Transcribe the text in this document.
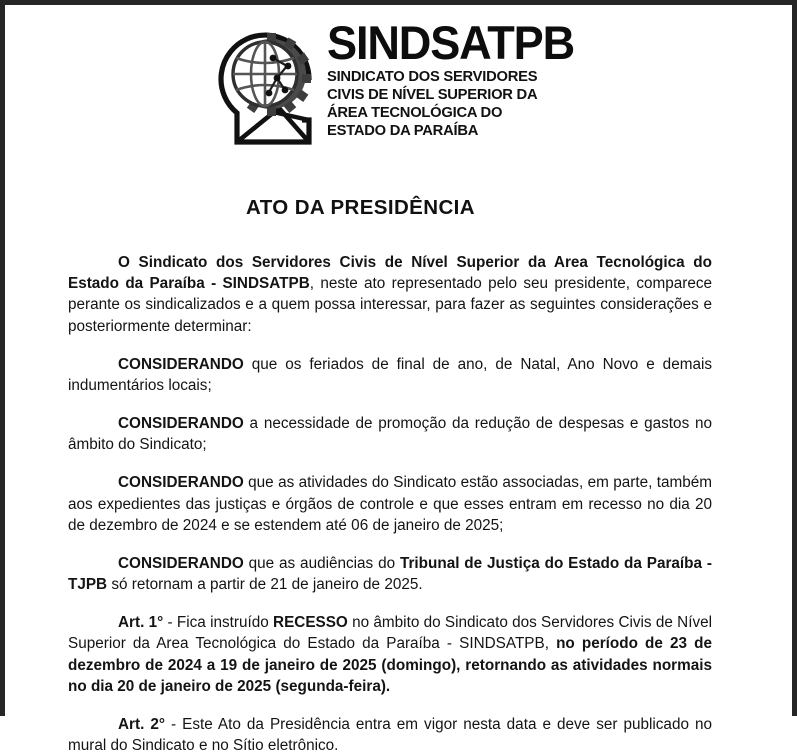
SINDSATPB
SINDICATO DOS SERVIDORES
CIVIS DE NÍVEL SUPERIOR DA
ÁREA TECNOLÓGICA DO
ESTADO DA PARAÍBA
ATO DA PRESIDÊNCIA

O Sindicato dos Servidores Civis de Nível Superior da Area Tecnológica do Estado da Paraíba - SINDSATPB, neste ato representado pelo seu presidente, comparece perante os sindicalizados e a quem possa interessar, para fazer as seguintes considerações e posteriormente determinar:

CONSIDERANDO que os feriados de final de ano, de Natal, Ano Novo e demais indumentários locais;

CONSIDERANDO a necessidade de promoção da redução de despesas e gastos no âmbito do Sindicato;

CONSIDERANDO que as atividades do Sindicato estão associadas, em parte, também aos expedientes das justiças e órgãos de controle e que esses entram em recesso no dia 20 de dezembro de 2024 e se estendem até 06 de janeiro de 2025;

CONSIDERANDO que as audiências do Tribunal de Justiça do Estado da Paraíba - TJPB só retornam a partir de 21 de janeiro de 2025.

Art. 1° - Fica instruído RECESSO no âmbito do Sindicato dos Servidores Civis de Nível Superior da Area Tecnológica do Estado da Paraíba - SINDSATPB, no período de 23 de dezembro de 2024 a 19 de janeiro de 2025 (domingo), retornando as atividades normais no dia 20 de janeiro de 2025 (segunda-feira).

Art. 2° - Este Ato da Presidência entra em vigor nesta data e deve ser publicado no mural do Sindicato e no Sítio eletrônico.
